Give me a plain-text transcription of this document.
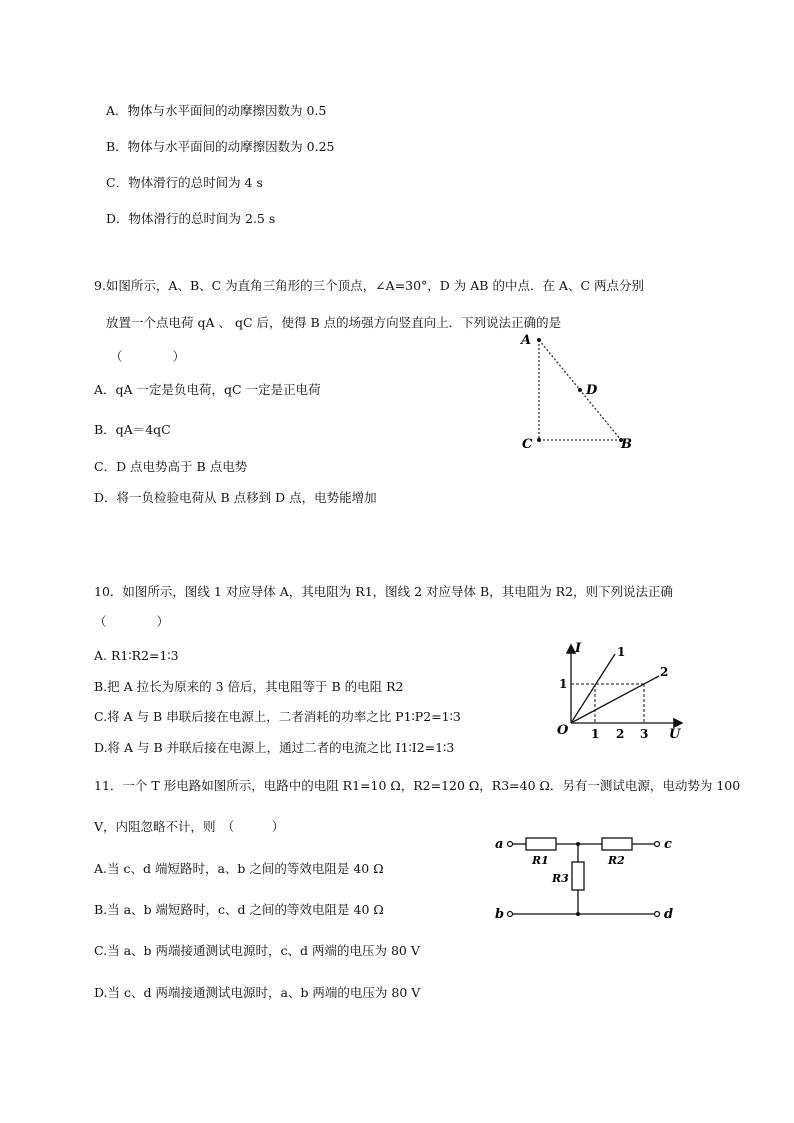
A．物体与水平面间的动摩擦因数为 0.5
B．物体与水平面间的动摩擦因数为 0.25
C．物体滑行的总时间为 4 s
D．物体滑行的总时间为 2.5 s
9.如图所示，A、B、C 为直角三角形的三个顶点，∠A=30°，D 为 AB 的中点．在 A、C 两点分别
放置一个点电荷 qA 、 qC 后，使得 B 点的场强方向竖直向上．下列说法正确的是
（　　　　）
A．qA 一定是负电荷，qC 一定是正电荷
B．qA＝4qC
C．D 点电势高于 B 点电势
D．将一负检验电荷从 B 点移到 D 点，电势能增加
A
C	B
D
10．如图所示，图线 1 对应导体 A，其电阻为 R1，图线 2 对应导体 B，其电阻为 R2，则下列说法正确
（　　　　）
A. R1∶R2=1∶3
B.把 A 拉长为原来的 3 倍后，其电阻等于 B 的电阻 R2
C.将 A 与 B 串联后接在电源上，二者消耗的功率之比 P1∶P2=1∶3
D.将 A 与 B 并联后接在电源上，通过二者的电流之比 I1∶I2=1∶3
I
U
O
1
2
1
1 2 3
11．一个 T 形电路如图所示，电路中的电阻 R1=10 Ω，R2=120 Ω，R3=40 Ω．另有一测试电源，电动势为 100
V，内阻忽略不计，则　（　　　）
A.当 c、d 端短路时，a、b 之间的等效电阻是 40 Ω
B.当 a、b 端短路时，c、d 之间的等效电阻是 40 Ω
C.当 a、b 两端接通测试电源时，c、d 两端的电压为 80 V
D.当 c、d 两端接通测试电源时，a、b 两端的电压为 80 V
a
b
c
d
R1	R2
R3
